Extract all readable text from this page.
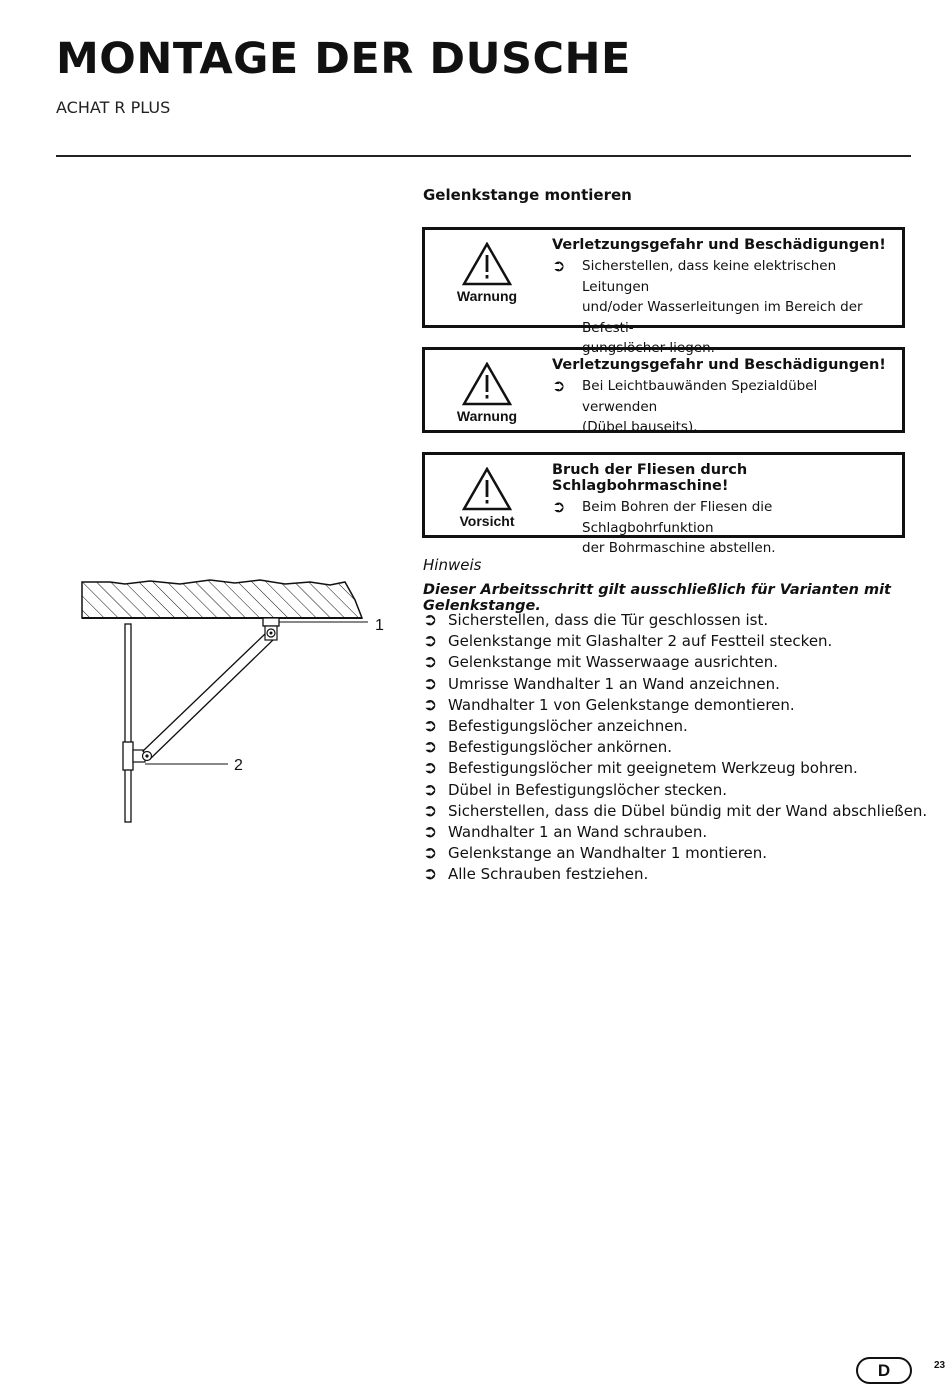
MONTAGE DER DUSCHE
ACHAT R PLUS
Gelenkstange montieren
Warnung
Verletzungsgefahr und Beschädigungen!
➲ Sicherstellen, dass keine elektrischen Leitungen
und/oder Wasserleitungen im Bereich der Befesti-
gungslöcher liegen.
Warnung
Verletzungsgefahr und Beschädigungen!
➲ Bei Leichtbauwänden Spezialdübel verwenden
(Dübel bauseits).
Vorsicht
Bruch der Fliesen durch Schlagbohrmaschine!
➲ Beim Bohren der Fliesen die Schlagbohrfunktion
der Bohrmaschine abstellen.
Hinweis
Dieser Arbeitsschritt gilt ausschließlich für Varianten mit Gelenkstange.
➲ Sicherstellen, dass die Tür geschlossen ist.
➲ Gelenkstange mit Glashalter 2 auf Festteil stecken.
➲ Gelenkstange mit Wasserwaage ausrichten.
➲ Umrisse Wandhalter 1 an Wand anzeichnen.
➲ Wandhalter 1 von Gelenkstange demontieren.
➲ Befestigungslöcher anzeichnen.
➲ Befestigungslöcher ankörnen.
➲ Befestigungslöcher mit geeignetem Werkzeug bohren.
➲ Dübel in Befestigungslöcher stecken.
➲ Sicherstellen, dass die Dübel bündig mit der Wand abschließen.
➲ Wandhalter 1 an Wand schrauben.
➲ Gelenkstange an Wandhalter 1 montieren.
➲ Alle Schrauben festziehen.
1
2
D	23
